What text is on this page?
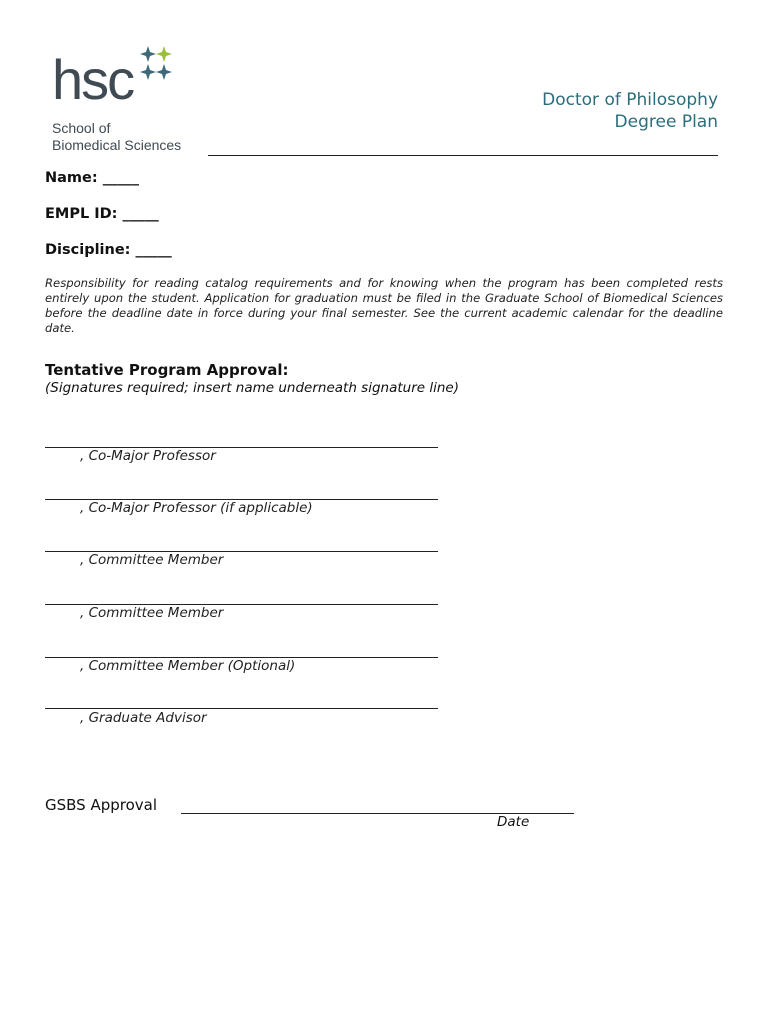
hsc
School of
Biomedical Sciences
Doctor of Philosophy
Degree Plan
Name: _____
EMPL ID: _____
Discipline: _____
Responsibility for reading catalog requirements and for knowing when the program has been completed rests entirely upon the student. Application for graduation must be filed in the Graduate School of Biomedical Sciences before the deadline date in force during your final semester. See the current academic calendar for the deadline date.
Tentative Program Approval:
(Signatures required; insert name underneath signature line)
, Co-Major Professor
, Co-Major Professor (if applicable)
, Committee Member
, Committee Member
, Committee Member (Optional)
, Graduate Advisor
GSBS Approval
Date
